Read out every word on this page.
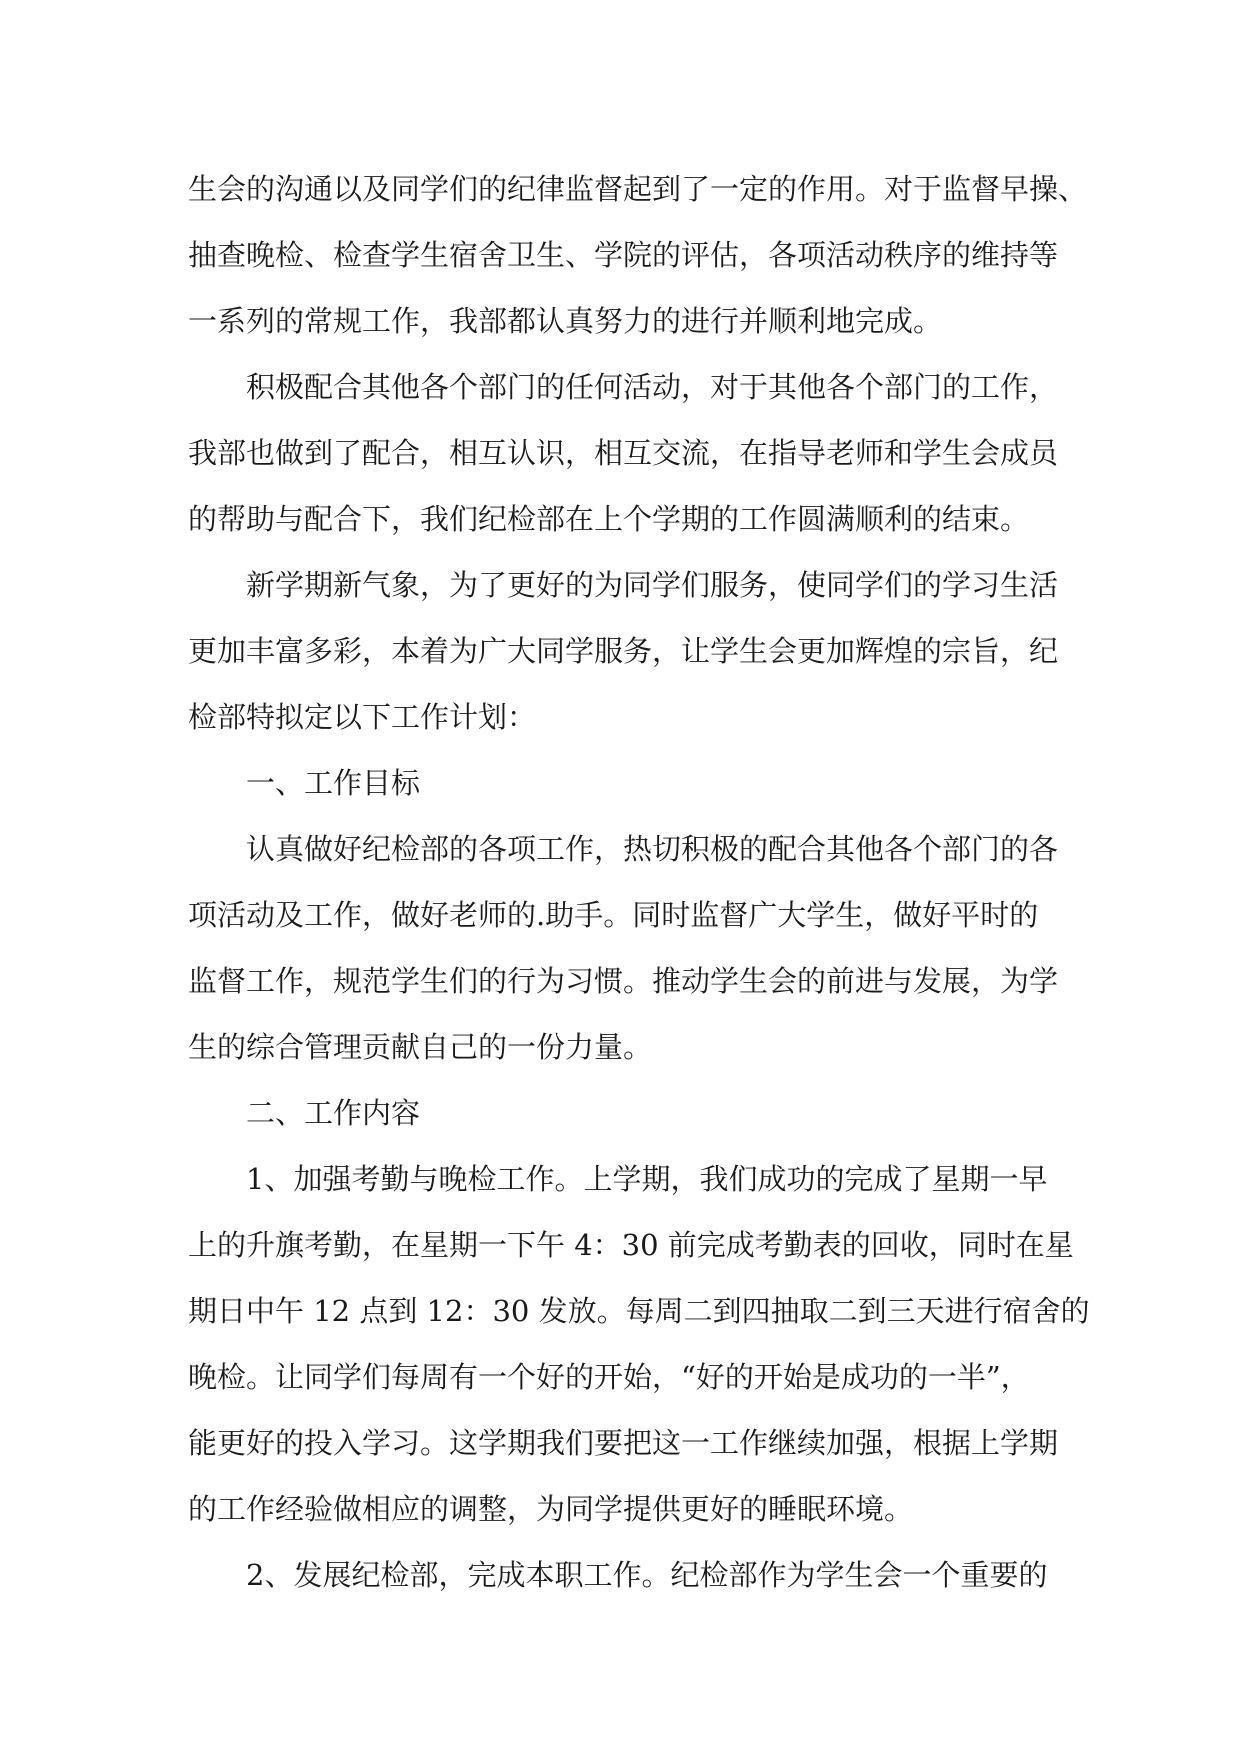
生会的沟通以及同学们的纪律监督起到了一定的作用。对于监督早操、

抽查晚检、检查学生宿舍卫生、学院的评估，各项活动秩序的维持等

一系列的常规工作，我部都认真努力的进行并顺利地完成。

积极配合其他各个部门的任何活动，对于其他各个部门的工作，

我部也做到了配合，相互认识，相互交流，在指导老师和学生会成员

的帮助与配合下，我们纪检部在上个学期的工作圆满顺利的结束。

新学期新气象，为了更好的为同学们服务，使同学们的学习生活

更加丰富多彩，本着为广大同学服务，让学生会更加辉煌的宗旨，纪

检部特拟定以下工作计划：

一、工作目标

认真做好纪检部的各项工作，热切积极的配合其他各个部门的各

项活动及工作，做好老师的.助手。同时监督广大学生，做好平时的

监督工作，规范学生们的行为习惯。推动学生会的前进与发展，为学

生的综合管理贡献自己的一份力量。

二、工作内容

1、加强考勤与晚检工作。上学期，我们成功的完成了星期一早

上的升旗考勤，在星期一下午 4：30 前完成考勤表的回收，同时在星

期日中午 12 点到 12：30 发放。每周二到四抽取二到三天进行宿舍的

晚检。让同学们每周有一个好的开始，“好的开始是成功的一半”，

能更好的投入学习。这学期我们要把这一工作继续加强，根据上学期

的工作经验做相应的调整，为同学提供更好的睡眠环境。

2、发展纪检部，完成本职工作。纪检部作为学生会一个重要的
